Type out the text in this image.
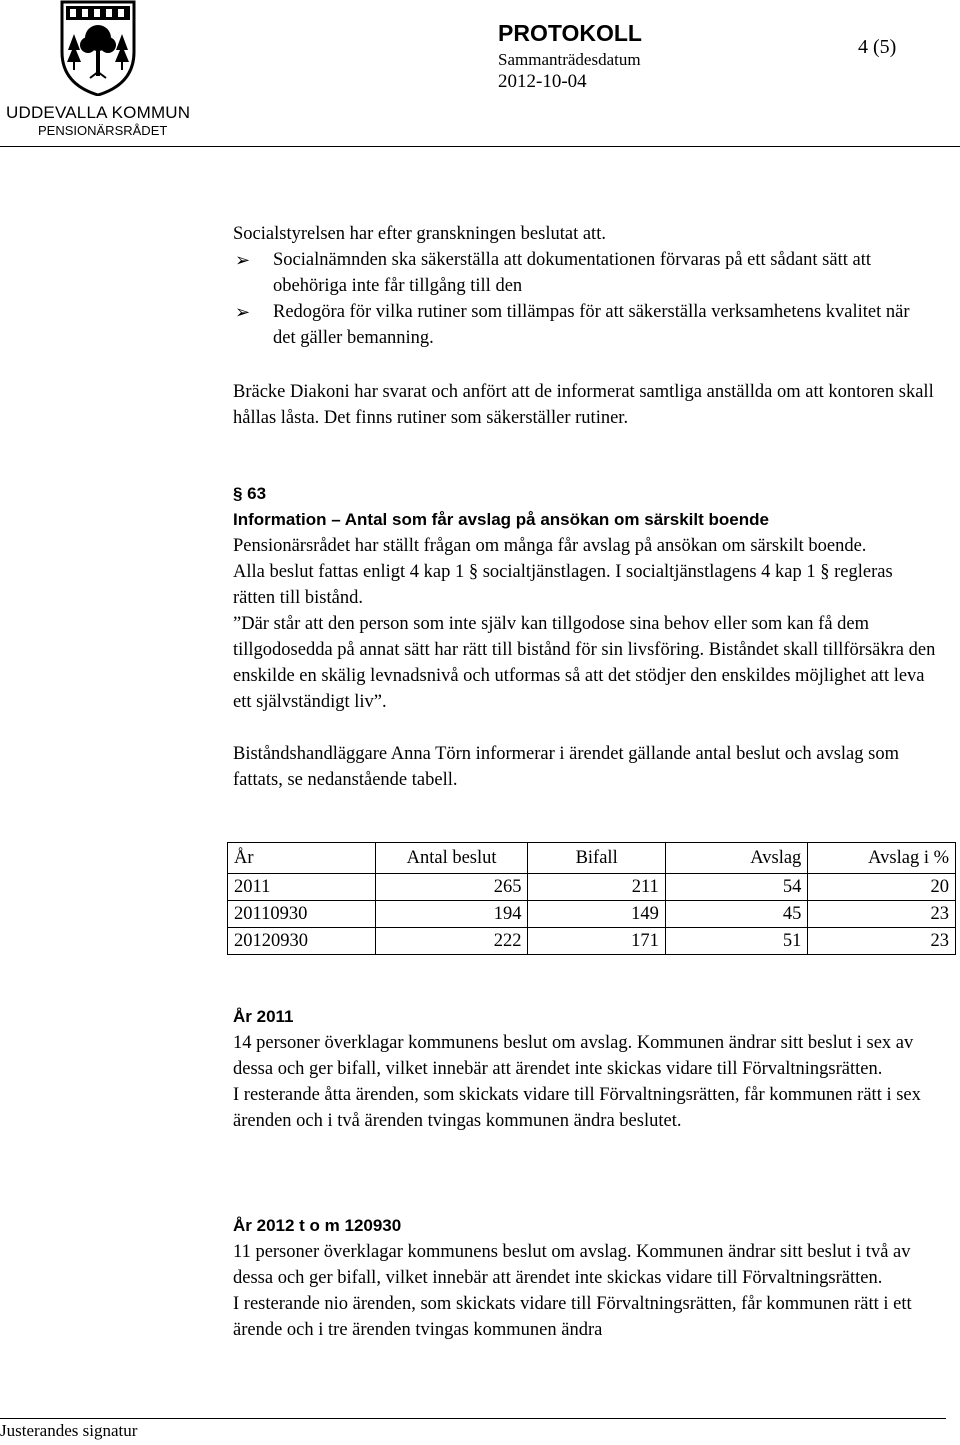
UDDEVALLA KOMMUN
PENSIONÄRSRÅDET
PROTOKOLL
Sammanträdesdatum
2012-10-04
4 (5)
Socialstyrelsen har efter granskningen beslutat att.
➢ Socialnämnden ska säkerställa att dokumentationen förvaras på ett sådant sätt att obehöriga inte får tillgång till den
➢ Redogöra för vilka rutiner som tillämpas för att säkerställa verksamhetens kvalitet när det gäller bemanning.
Bräcke Diakoni har svarat och anfört att de informerat samtliga anställda om att kontoren skall hållas låsta. Det finns rutiner som säkerställer rutiner.
§ 63
Information – Antal som får avslag på ansökan om särskilt boende
Pensionärsrådet har ställt frågan om många får avslag på ansökan om särskilt boende.
Alla beslut fattas enligt 4 kap 1 § socialtjänstlagen. I socialtjänstlagens 4 kap 1 § regleras rätten till bistånd.
”Där står att den person som inte själv kan tillgodose sina behov eller som kan få dem tillgodosedda på annat sätt har rätt till bistånd för sin livsföring. Biståndet skall tillförsäkra den enskilde en skälig levnadsnivå och utformas så att det stödjer den enskildes möjlighet att leva ett självständigt liv”.
Biståndshandläggare Anna Törn informerar i ärendet gällande antal beslut och avslag som fattats, se nedanstående tabell.
År	Antal beslut	Bifall	Avslag	Avslag i %
2011	265	211	54	20
20110930	194	149	45	23
20120930	222	171	51	23
År 2011
14 personer överklagar kommunens beslut om avslag. Kommunen ändrar sitt beslut i sex av dessa och ger bifall, vilket innebär att ärendet inte skickas vidare till Förvaltningsrätten.
I resterande åtta ärenden, som skickats vidare till Förvaltningsrätten, får kommunen rätt i sex ärenden och i två ärenden tvingas kommunen ändra beslutet.
År 2012 t o m 120930
11 personer överklagar kommunens beslut om avslag. Kommunen ändrar sitt beslut i två av dessa och ger bifall, vilket innebär att ärendet inte skickas vidare till Förvaltningsrätten.
I resterande nio ärenden, som skickats vidare till Förvaltningsrätten, får kommunen rätt i ett ärende och i tre ärenden tvingas kommunen ändra
Justerandes signatur
